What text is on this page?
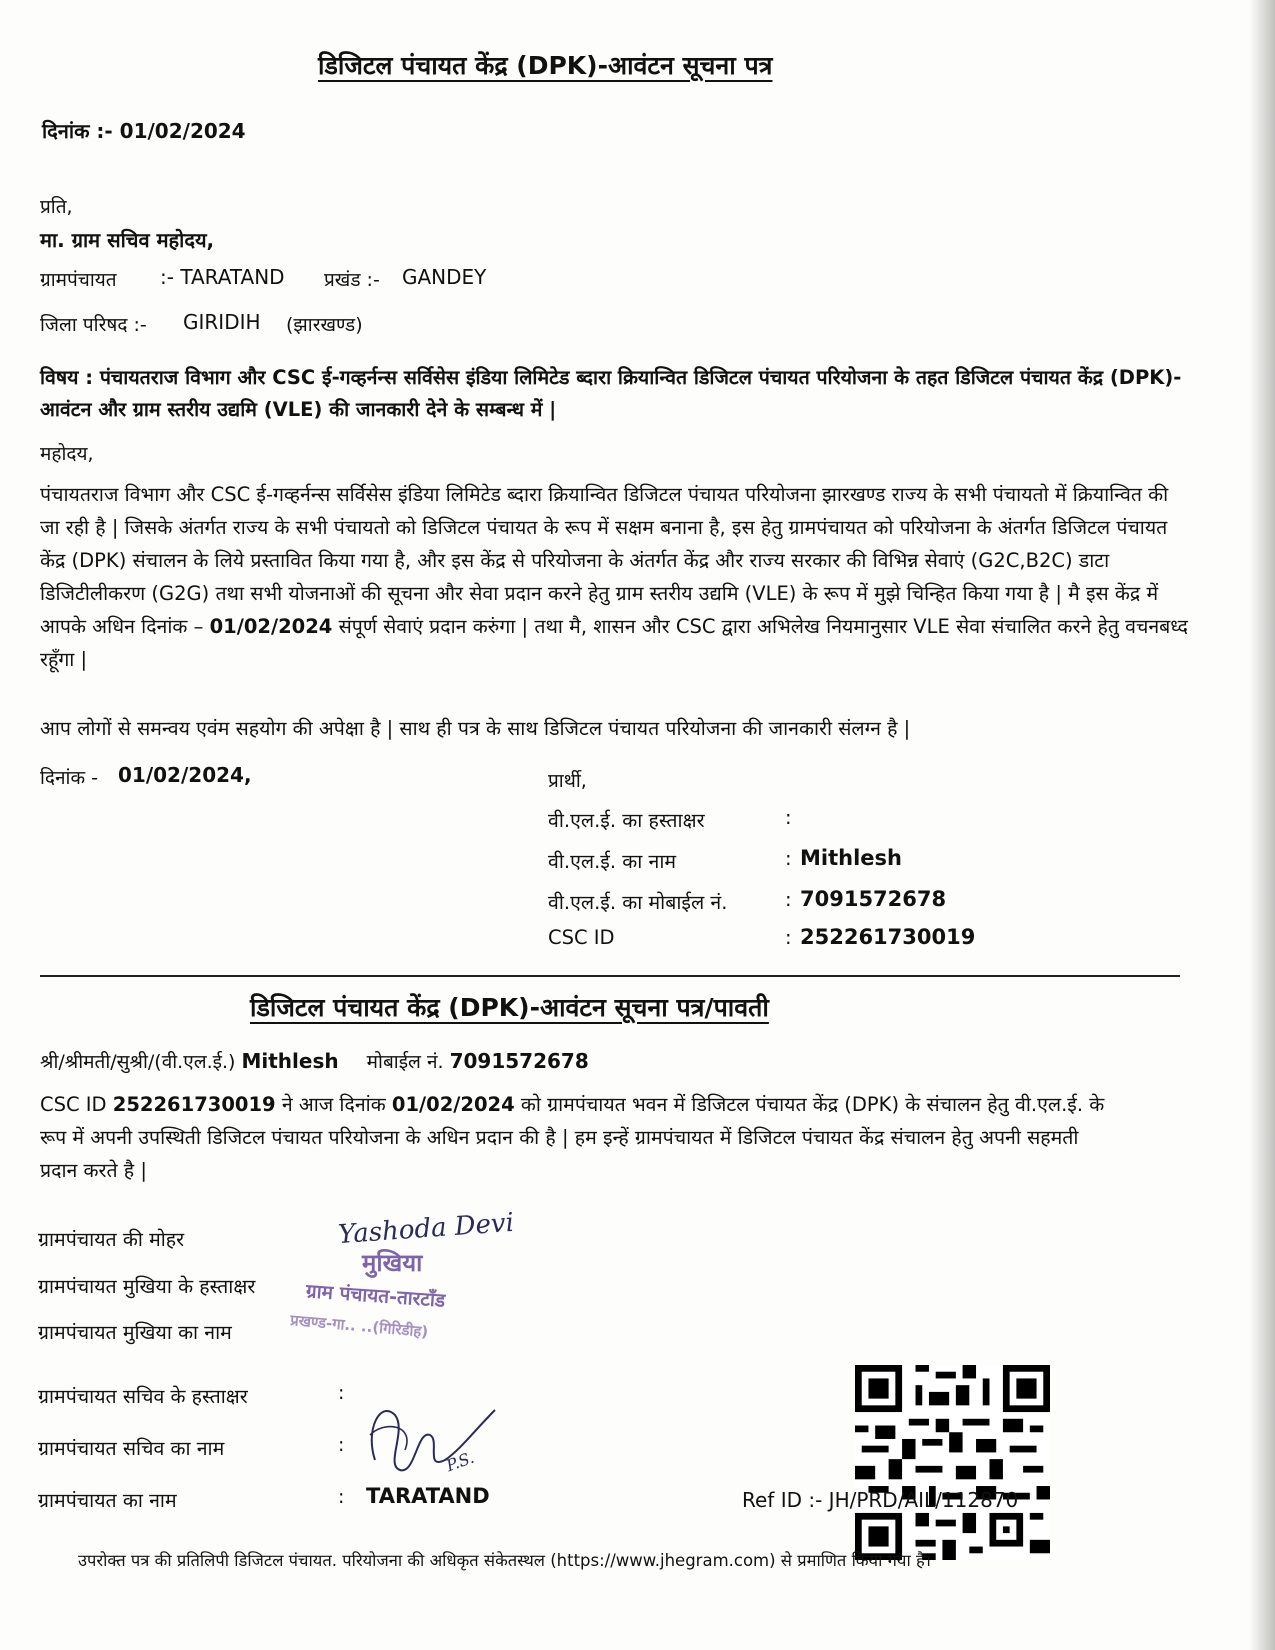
डिजिटल पंचायत केंद्र (DPK)-आवंटन सूचना पत्र
दिनांक :- 01/02/2024
प्रति,
मा. ग्राम सचिव महोदय,
ग्रामपंचायत :- TARATAND प्रखंड :- GANDEY
जिला परिषद :- GIRIDIH (झारखण्ड)
विषय : पंचायतराज विभाग और CSC ई-गव्हर्नन्स सर्विसेस इंडिया लिमिटेड ब्दारा क्रियान्वित डिजिटल पंचायत परियोजना के तहत डिजिटल पंचायत केंद्र (DPK)-आवंटन और ग्राम स्तरीय उद्यमि (VLE) की जानकारी देने के सम्बन्ध में |
महोदय,
पंचायतराज विभाग और CSC ई-गव्हर्नन्स सर्विसेस इंडिया लिमिटेड ब्दारा क्रियान्वित डिजिटल पंचायत परियोजना झारखण्ड राज्य के सभी पंचायतो में क्रियान्वित की जा रही है | जिसके अंतर्गत राज्य के सभी पंचायतो को डिजिटल पंचायत के रूप में सक्षम बनाना है, इस हेतु ग्रामपंचायत को परियोजना के अंतर्गत डिजिटल पंचायत केंद्र (DPK) संचालन के लिये प्रस्तावित किया गया है, और इस केंद्र से परियोजना के अंतर्गत केंद्र और राज्य सरकार की विभिन्न सेवाएं (G2C,B2C) डाटा डिजिटीलीकरण (G2G) तथा सभी योजनाओं की सूचना और सेवा प्रदान करने हेतु ग्राम स्तरीय उद्यमि (VLE) के रूप में मुझे चिन्हित किया गया है | मै इस केंद्र में आपके अधिन दिनांक – 01/02/2024 संपूर्ण सेवाएं प्रदान करुंगा | तथा मै, शासन और CSC द्वारा अभिलेख नियमानुसार VLE सेवा संचालित करने हेतु वचनबध्द रहूँगा |
आप लोगों से समन्वय एवंम सहयोग की अपेक्षा है | साथ ही पत्र के साथ डिजिटल पंचायत परियोजना की जानकारी संलग्न है |
दिनांक - 01/02/2024,	प्रार्थी,
वी.एल.ई. का हस्ताक्षर	:
वी.एल.ई. का नाम	: Mithlesh
वी.एल.ई. का मोबाईल नं.	: 7091572678
CSC ID	: 252261730019
डिजिटल पंचायत केंद्र (DPK)-आवंटन सूचना पत्र/पावती
श्री/श्रीमती/सुश्री/(वी.एल.ई.) Mithlesh मोबाईल नं. 7091572678
CSC ID 252261730019 ने आज दिनांक 01/02/2024 को ग्रामपंचायत भवन में डिजिटल पंचायत केंद्र (DPK) के संचालन हेतु वी.एल.ई. के रूप में अपनी उपस्थिती डिजिटल पंचायत परियोजना के अधिन प्रदान की है | हम इन्हें ग्रामपंचायत में डिजिटल पंचायत केंद्र संचालन हेतु अपनी सहमती प्रदान करते है |
ग्रामपंचायत की मोहर
ग्रामपंचायत मुखिया के हस्ताक्षर
ग्रामपंचायत मुखिया का नाम
ग्रामपंचायत सचिव के हस्ताक्षर	:
ग्रामपंचायत सचिव का नाम	:
ग्रामपंचायत का नाम	: TARATAND
Yashoda Devi
मुखिया
ग्राम पंचायत-तारटाँड
प्रखण्ड-गा.. ..(गिरिडीह)
P.S.
Ref ID :- JH/PRD/AIL/112870
उपरोक्त पत्र की प्रतिलिपी डिजिटल पंचायत. परियोजना की अधिकृत संकेतस्थल (https://www.jhegram.com) से प्रमाणित किया गया है।
